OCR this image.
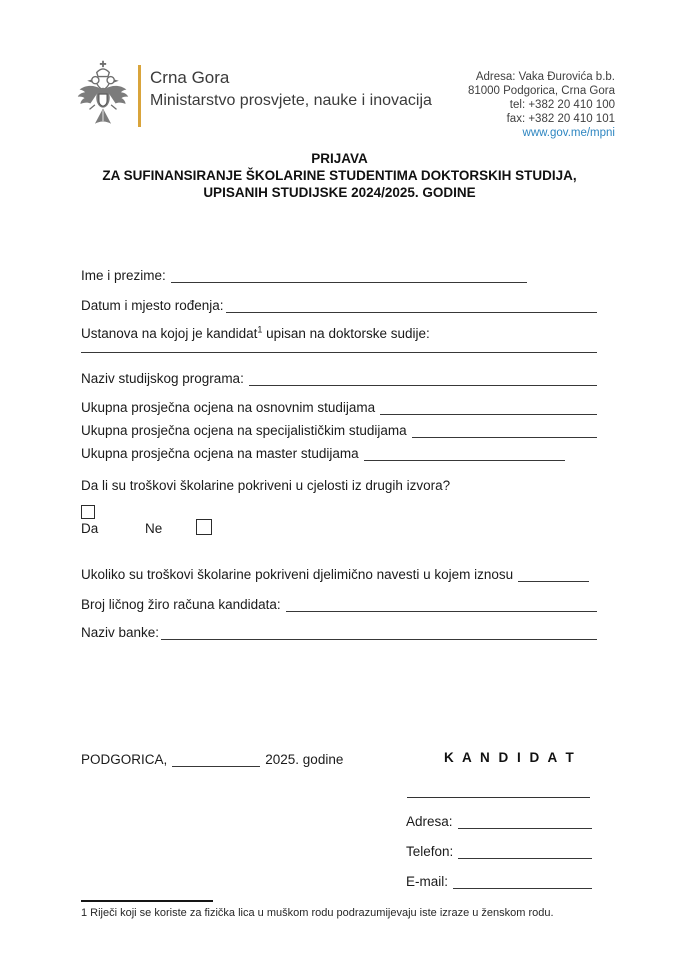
Crna Gora
Ministarstvo prosvjete, nauke i inovacija
Adresa: Vaka Đurovića b.b.
81000 Podgorica, Crna Gora
tel: +382 20 410 100
fax: +382 20 410 101
www.gov.me/mpni
PRIJAVA
ZA SUFINANSIRANJE ŠKOLARINE STUDENTIMA DOKTORSKIH STUDIJA,
UPISANIH STUDIJSKE 2024/2025. GODINE
Ime i prezime:
Datum i mjesto rođenja:
Ustanova na kojoj je kandidat$^1$ upisan na doktorske sudije:
Naziv studijskog programa:
Ukupna prosječna ocjena na osnovnim studijama
Ukupna prosječna ocjena na specijalističkim studijama
Ukupna prosječna ocjena na master studijama
Da li su troškovi školarine pokriveni u cjelosti iz drugih izvora?
Da	Ne
Ukoliko su troškovi školarine pokriveni djelimično navesti u kojem iznosu
Broj ličnog žiro računa kandidata:
Naziv banke:
PODGORICA,	2025. godine	K A N D I D A T
Adresa:
Telefon:
E-mail:
1 Riječi koji se koriste za fizička lica u muškom rodu podrazumijevaju iste izraze u ženskom rodu.
